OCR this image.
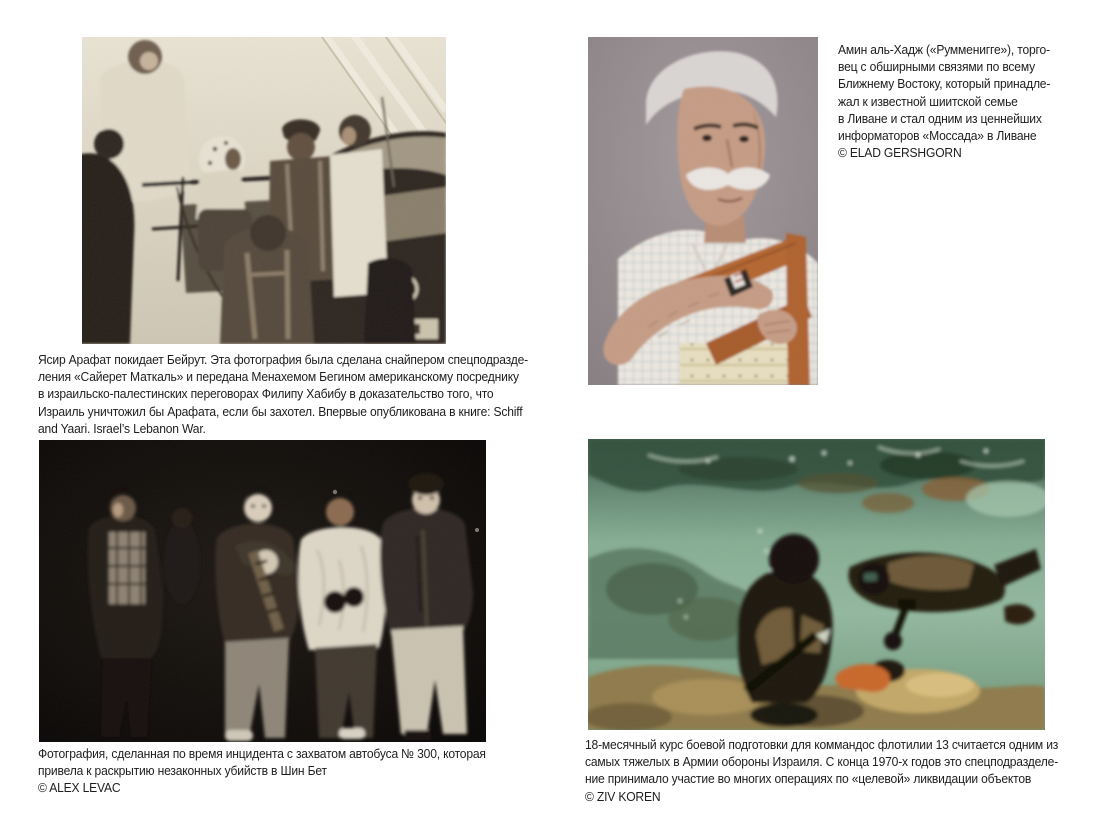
Ясир Арафат покидает Бейрут. Эта фотография была сделана снайпером спецподразде-
ления «Сайерет Маткаль» и передана Менахемом Бегином американскому посреднику
в израильско-палестинских переговорах Филипу Хабибу в доказательство того, что
Израиль уничтожил бы Арафата, если бы захотел. Впервые опубликована в книге: Schiff
and Yaari. Israel’s Lebanon War.
Амин аль-Хадж («Румменигге»), торго-
вец с обширными связями по всему
Ближнему Востоку, который принадле-
жал к известной шиитской семье
в Ливане и стал одним из ценнейших
информаторов «Моссада» в Ливане
© ELAD GERSHGORN
Фотография, сделанная по время инцидента с захватом автобуса № 300, которая
привела к раскрытию незаконных убийств в Шин Бет
© ALEX LEVAC
18-месячный курс боевой подготовки для коммандос флотилии 13 считается одним из
самых тяжелых в Армии обороны Израиля. С конца 1970-х годов это спецподразделе-
ние принимало участие во многих операциях по «целевой» ликвидации объектов
© ZIV KOREN
